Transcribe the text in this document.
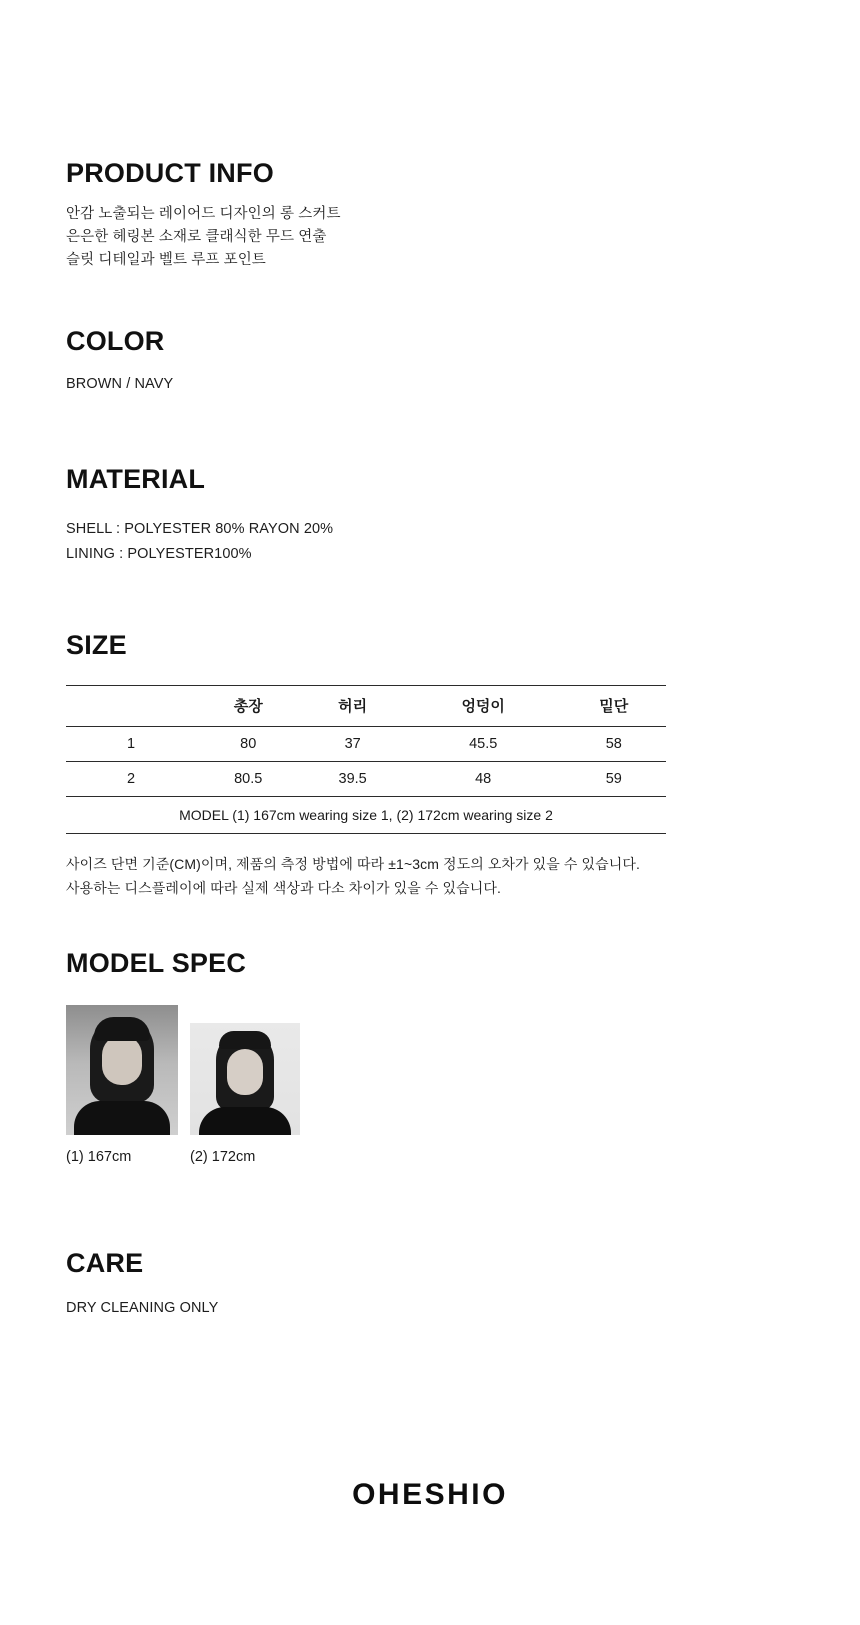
PRODUCT INFO
안감 노출되는 레이어드 디자인의 롱 스커트
은은한 헤링본 소재로 클래식한 무드 연출
슬릿 디테일과 벨트 루프 포인트
COLOR
BROWN / NAVY
MATERIAL
SHELL : POLYESTER 80% RAYON 20%
LINING : POLYESTER100%
SIZE
	총장	허리	엉덩이	밑단
1	80	37	45.5	58
2	80.5	39.5	48	59
MODEL (1) 167cm wearing size 1, (2) 172cm wearing size 2				
사이즈 단면 기준(CM)이며, 제품의 측정 방법에 따라 ±1~3cm 정도의 오차가 있을 수 있습니다.
사용하는 디스플레이에 따라 실제 색상과 다소 차이가 있을 수 있습니다.
MODEL SPEC
(1) 167cm	(2) 172cm
CARE
DRY CLEANING ONLY
OHESHIO
